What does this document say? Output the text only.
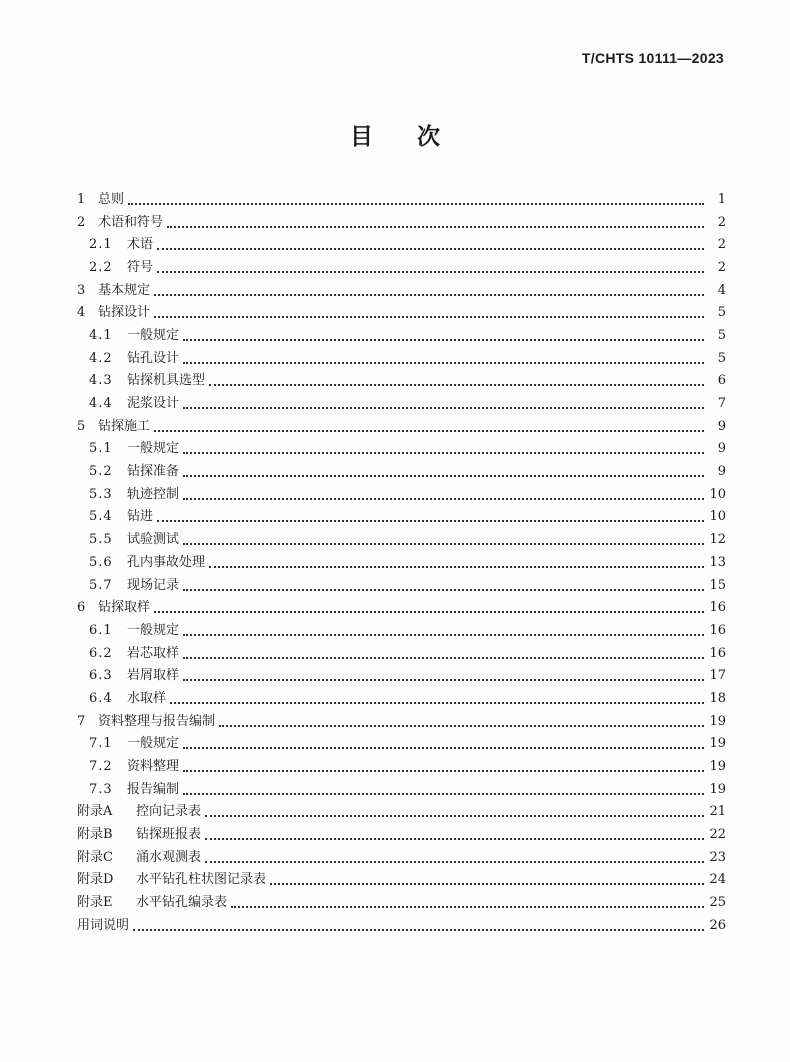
T/CHTS 10111—2023
目 次
1 总则	1
2 术语和符号	2
2.1	术语	2
2.2	符号	2
3 基本规定	4
4 钻探设计	5
4.1	一般规定	5
4.2	钻孔设计	5
4.3	钻探机具选型	6
4.4	泥浆设计	7
5 钻探施工	9
5.1	一般规定	9
5.2	钻探准备	9
5.3	轨迹控制	10
5.4	钻进	10
5.5	试验测试	12
5.6	孔内事故处理	13
5.7	现场记录	15
6 钻探取样	16
6.1	一般规定	16
6.2	岩芯取样	16
6.3	岩屑取样	17
6.4	水取样	18
7 资料整理与报告编制	19
7.1	一般规定	19
7.2	资料整理	19
7.3	报告编制	19
附录A	控向记录表	21
附录B	钻探班报表	22
附录C	涌水观测表	23
附录D	水平钻孔柱状图记录表	24
附录E	水平钻孔编录表	25
用词说明	26
